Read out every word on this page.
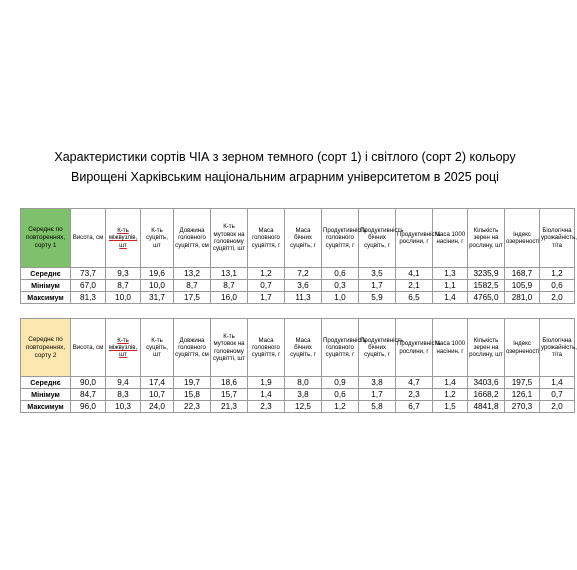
Характеристики сортів ЧІА з зерном темного (сорт 1) і світлого (сорт 2) кольору
Вирощені Харківським національним аграрним університетом в 2025 році
Середнє по повтореннях, сорту 1	Висота, см	К-ть міжвузлів, шт	К-ть суцвіть, шт	Довжина головного суцвіття, см	К-ть мутовок на головному суцвітті, шт	Маса головного суцвіття, г	Маса бічних суцвіть, г	Продуктивність головного суцвіття, г	Продуктивність бічних суцвіть, г	Продуктивність рослини, г	Маса 1000 насінин, г	Кількість зерен на рослину, шт	Індекс озерненості	Біологічна урожайність, т/га
Середнє	73,7	9,3	19,6	13,2	13,1	1,2	7,2	0,6	3,5	4,1	1,3	3235,9	168,7	1,2
Мінімум	67,0	8,7	10,0	8,7	8,7	0,7	3,6	0,3	1,7	2,1	1,1	1582,5	105,9	0,6
Максимум	81,3	10,0	31,7	17,5	16,0	1,7	11,3	1,0	5,9	6,5	1,4	4765,0	281,0	2,0
Середнє по повтореннях, сорту 2	Висота, см	К-ть міжвузлів, шт	К-ть суцвіть, шт	Довжина головного суцвіття, см	К-ть мутовок на головному суцвітті, шт	Маса головного суцвіття, г	Маса бічних суцвіть, г	Продуктивність головного суцвіття, г	Продуктивність бічних суцвіть, г	Продуктивність рослини, г	Маса 1000 насінин, г	Кількість зерен на рослину, шт	Індекс озерненості	Біологічна урожайність, т/га
Середнє	90,0	9,4	17,4	19,7	18,6	1,9	8,0	0,9	3,8	4,7	1,4	3403,6	197,5	1,4
Мінімум	84,7	8,3	10,7	15,8	15,7	1,4	3,8	0,6	1,7	2,3	1,2	1668,2	126,1	0,7
Максимум	96,0	10,3	24,0	22,3	21,3	2,3	12,5	1,2	5,8	6,7	1,5	4841,8	270,3	2,0
